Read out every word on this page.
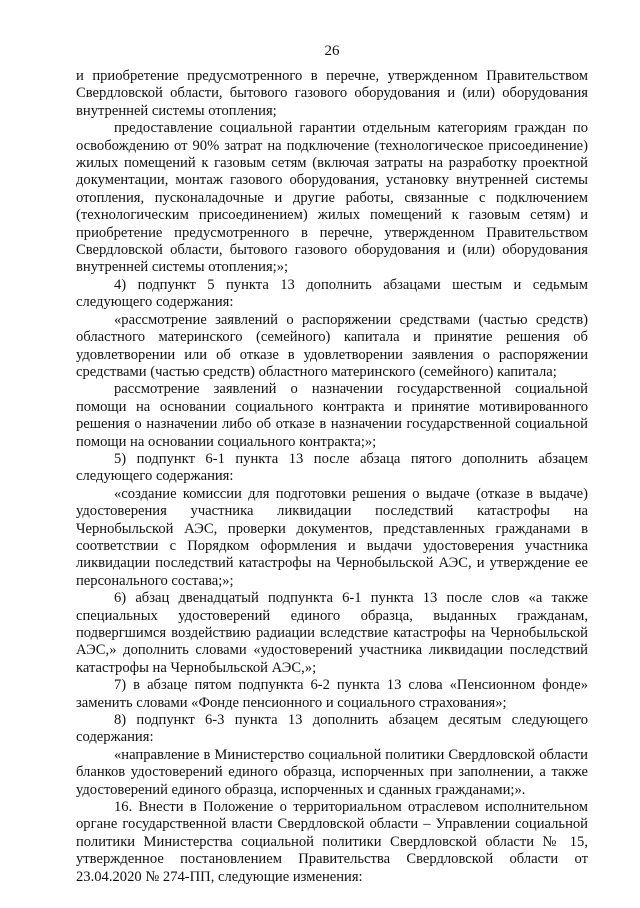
26

и приобретение предусмотренного в перечне, утвержденном Правительством Свердловской области, бытового газового оборудования и (или) оборудования внутренней системы отопления;

предоставление социальной гарантии отдельным категориям граждан по освобождению от 90% затрат на подключение (технологическое присоединение) жилых помещений к газовым сетям (включая затраты на разработку проектной документации, монтаж газового оборудования, установку внутренней системы отопления, пусконаладочные и другие работы, связанные с подключением (технологическим присоединением) жилых помещений к газовым сетям) и приобретение предусмотренного в перечне, утвержденном Правительством Свердловской области, бытового газового оборудования и (или) оборудования внутренней системы отопления;»;

4) подпункт 5 пункта 13 дополнить абзацами шестым и седьмым следующего содержания:

«рассмотрение заявлений о распоряжении средствами (частью средств) областного материнского (семейного) капитала и принятие решения об удовлетворении или об отказе в удовлетворении заявления о распоряжении средствами (частью средств) областного материнского (семейного) капитала;

рассмотрение заявлений о назначении государственной социальной помощи на основании социального контракта и принятие мотивированного решения о назначении либо об отказе в назначении государственной социальной помощи на основании социального контракта;»;

5) подпункт 6-1 пункта 13 после абзаца пятого дополнить абзацем следующего содержания:

«создание комиссии для подготовки решения о выдаче (отказе в выдаче) удостоверения участника ликвидации последствий катастрофы на Чернобыльской АЭС, проверки документов, представленных гражданами в соответствии с Порядком оформления и выдачи удостоверения участника ликвидации последствий катастрофы на Чернобыльской АЭС, и утверждение ее персонального состава;»;

6) абзац двенадцатый подпункта 6-1 пункта 13 после слов «а также специальных удостоверений единого образца, выданных гражданам, подвергшимся воздействию радиации вследствие катастрофы на Чернобыльской АЭС,» дополнить словами «удостоверений участника ликвидации последствий катастрофы на Чернобыльской АЭС,»;

7) в абзаце пятом подпункта 6-2 пункта 13 слова «Пенсионном фонде» заменить словами «Фонде пенсионного и социального страхования»;

8) подпункт 6-3 пункта 13 дополнить абзацем десятым следующего содержания:

«направление в Министерство социальной политики Свердловской области бланков удостоверений единого образца, испорченных при заполнении, а также удостоверений единого образца, испорченных и сданных гражданами;».

16. Внести в Положение о территориальном отраслевом исполнительном органе государственной власти Свердловской области – Управлении социальной политики Министерства социальной политики Свердловской области № 15, утвержденное постановлением Правительства Свердловской области от 23.04.2020 № 274-ПП, следующие изменения:
